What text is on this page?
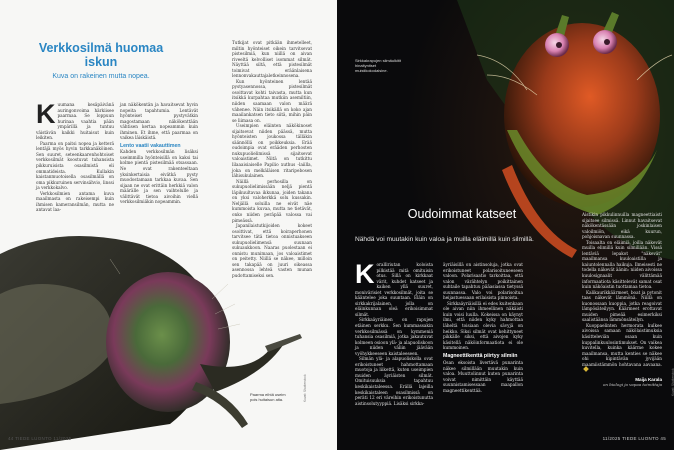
Verkkosilmä huomaa iskun
Kuva on rakeinen mutta nopea.

Kuumana kesäpäivänä auringonvoima härkiisee paarmaa. Se loppuun hurinaa vaahtia pään ympärillä ja tuntuu väistävän kaikki huitaisut kuin leikiten.

Paarma on paitsi nopea ja ketterä lentäjä myös hyvin tarkkanäköinen. Sen suuret, seteenkaarenhohtoiset verkkosilmät koostuvat tuhansista pikkuruisista osasilmistä eli ommatideista. Kullakin kaistanmuotoisella osasilmällä on oma pikkuruinen servinsähvio, linssi ja verkkokalvo.

Verkkosilmien antama kuva maailmasta on rakeisempi kuin ihmisen kameransilmän, mutta ne antavat laa-

jan näkökentän ja havaitsevat hyvin nopeita tapahtumia. Lentävät hyönteiset pystyvätkin magostamaan näkökenttään vähtisen kertaa nopeammin kuin ihminen. Et ihme, että paarmaa on vaikea läiskäistä.

Lento vaatii vakauttimen

Kahden verkkosilmän lisäksi useimmilla hyönteisillä on kaksi tai kolme pientä pistesilmää otsassaan. Ne ovat rakenteeltaan yksinkertaisia eivätkä pysty muodostamaan tarkkaa kuvaa. Sen sijaan ne ovat erittäin herkkiä valon määrälle ja sen vaihtelulle ja välittävät tietoa aivoihin viellä verkkosilmiäkin nopeammin.

Tutkijat ovat pitkään ihmetelleet, miltin hyönteiset oikein tarvitsevat pistesilmiä, kun niillä on aivan riveeltä kelvolliset isommat silmät. Näyttää siltä, että pistesilmät toimivat eräänlaisena lennonvakauttajaletkeinnosena.

Kun hyönteinen lentää pystyasennossa, pistesilmät osoittavat kohti taivasta, mutta kun itsikkä kurpahtaa mutkiin asemiltiin, niiden saamaan valon määrä vähenee. Näin itsikällä on koko ajan maailankatsen tieto siitä, mihin päin se liimasa on.

Useimpien eläinten näkökinoset sijaitsevat niiden päässä, mutta hyönteisten joukossa tälläkin säännöllä on poikkeuksia. Erää oudoimpia ovat erääden perhosten nukupuolielimissä sijaitsevat valoaistimet. Niitä on tutkittu lilaaaisiaiselle Papilio xuthus -laiilla, joka on melkäläisen ritaripebosen lähisukulainen.

Näillä perhosilla on sukupuolielimissään neljä pientä läpikuultavaa ikkunaa, joiden takana on yksi valoherkkä solu kussakin. Neljällä soluilla ne eivät näe kummoista kuvaa, mutta ne tietävät, onko niiden peräpää valossa vai pimeässä.

Japanilaistutkijoiden kokeet osoittivat, että koiraperhonen tarvitsee tätä tietoa onnistuakseen sukupuolielimensä suunaan sukuaukkoon. Naaras puolestaan ei onnistu munimaan, jos valoaistimet on peitetty. Niillä se näkee, milloin sen takapää on juuri oikeassa asennossa lehteä vasten munan pudottamiseksi sen.

Paarma eihtä useim pois huitaisun alta.	Kuvat: Shutterstock
44 TIEDE LUONTO 11/2025
Sirkkakrapujen silmäulkitit hinaltynitset muistikokodaisine.
Oudoimmat katseet
Nähdä voi muutakin kuin valoa ja muilla eläimillä kuin silmillä.

Koralliriutan koloista pilkistää mitä omituisin otus. Sillä on kirkkaat värit, kuhdet katseet ja kaiken yllä suuret, monivärisiet verkkosilmät, joita se kääntelee joka suuntaan. Eläin on sirkkakrijalainen, jolla on eläinkunnan oleä erikoisimmat silmät.

Sirkkaäyriäinen on rapujen etäinen serkku. Sen kummassakin verkkosilmässä on kymmeniä tuhansia osasilmiä, jotka jakautuvat kolmeen osioon ylä- ja alapuoliskoon ja niiden väliin jäävään vyöhykkeeseen kaistaleeseen.

Silmän ylä- ja alapuoliskolla ovat erikoistuneet hahmottamaan muotoja ja liikettä, kuten useimpien muiden äyriäisten silmät. Omituisuuksia tapahtuu keskikaistaleessa. Erällä lajeilla keskikaistaleen osasilmissä on peräti 12 eri väreihin erikoistunutta aistinsolutyyppiä. Lisäksi sirkka-

äyriäisillä on aistinsoluja, jotka ovat erikoistuneet polarisoituneeseen valoon. Polarisaatio tarkoittaa, että valon värähtelyn poikittainen suhtaile tapahtuu pääasiassa tietyssä suunnassa. Valo voi polarisoitua heijastuessaan erilaisista pinnoista.

Sirkkaäyriäisillä ei edes kuitenkaan ole aivan niin ihmeellinen näkäisti kuin voisi luulla. Kokeissa on käynyt ilmi, että niiden kyky hahmottaa läheltä toisiaan olevia sävyjä on heikko. Siksi silmät ovat kehittyneet pikkälle siksi, että aivojen kyky käsitellä näköinformaatiota ei ole kummoinen.

Magneettikenttä piirtyy silmiin

Osan eksoista livertävä punarinta näkee silmillään muutakin kuin valoa. Muuttolinnut kuten punarinta voivat nimittäin käyttää suunnistamisessaan maapallon magneettikenttää.

Aistikin pikkulinnuilla magneettiaisti sijaitsee silmissä. Linnut havaitsevat näkökentässään joskinlaisen valoilmiön, eikä kuurun, pohjoisnavan suunnassa.

Toisaalta on eläimiä, joilla näkevät muilla elimillä kuin silmillään. Vissä lentäviä lepakot "näkevät" maailmansa kuuloaistilla ja kaiuntolennalla haikuja. Ilmeisesti ne todella näkevät äänin: niiden aivoissa kuulosignaalit välittämää informaatiota käsittelevät samat osat kuin näköaistin tuottamaa tietoa.

Kalikaurikkäärmeet, boat ja pytonit taas näkevät lämmönä. Niillä on kuonossaan kuoppia, jotka reagoivat lämpösäteilyyn. Käärmeet erottavat muiden pimeää esimerkiksi saalistäänsa lämmönsäteilyn.

Kuoppaelinten hermorata kulkee aivoissa samaan näkölaistimuksia käsitteleviän osaan kuin kuppalinkuulosintimukset. On vaikea kuvitella, kuinka käärme kokee maailmansa, mutta kenties se näkee ohi kipintävän jyvijään maamiistämmön hohtavana aavaana.

Maija Karala
on biologi ja vapaa toimittaja	Kuvat: Shutterstock
11/2025 TIEDE LUONTO 45
